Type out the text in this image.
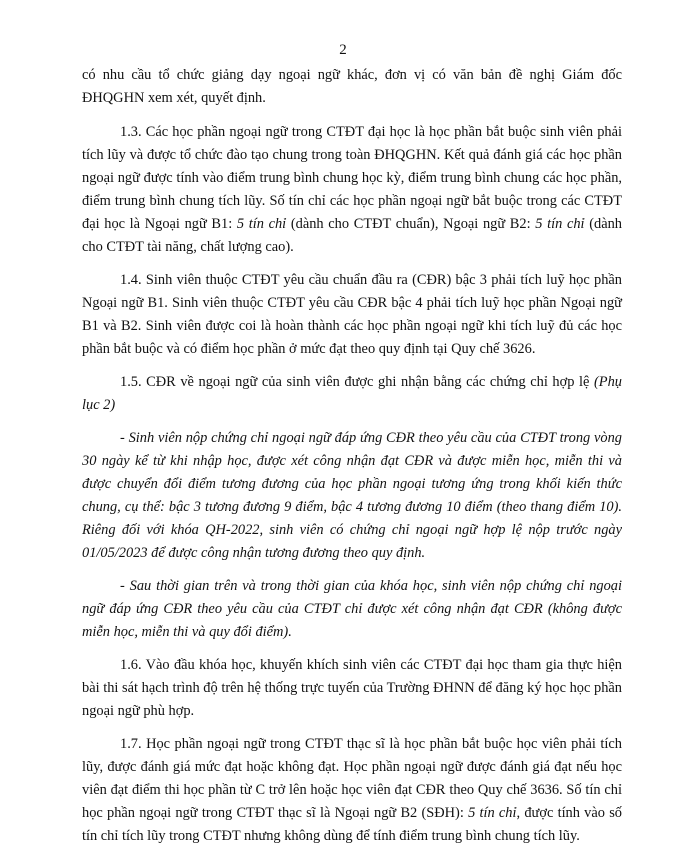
2

có nhu cầu tổ chức giảng dạy ngoại ngữ khác, đơn vị có văn bản đề nghị Giám đốc ĐHQGHN xem xét, quyết định.

1.3. Các học phần ngoại ngữ trong CTĐT đại học là học phần bắt buộc sinh viên phải tích lũy và được tổ chức đào tạo chung trong toàn ĐHQGHN. Kết quả đánh giá các học phần ngoại ngữ được tính vào điểm trung bình chung học kỳ, điểm trung bình chung các học phần, điểm trung bình chung tích lũy. Số tín chỉ các học phần ngoại ngữ bắt buộc trong các CTĐT đại học là Ngoại ngữ B1: 5 tín chỉ (dành cho CTĐT chuẩn), Ngoại ngữ B2: 5 tín chỉ (dành cho CTĐT tài năng, chất lượng cao).

1.4. Sinh viên thuộc CTĐT yêu cầu chuẩn đầu ra (CĐR) bậc 3 phải tích luỹ học phần Ngoại ngữ B1. Sinh viên thuộc CTĐT yêu cầu CĐR bậc 4 phải tích luỹ học phần Ngoại ngữ B1 và B2. Sinh viên được coi là hoàn thành các học phần ngoại ngữ khi tích luỹ đủ các học phần bắt buộc và có điểm học phần ở mức đạt theo quy định tại Quy chế 3626.

1.5. CĐR về ngoại ngữ của sinh viên được ghi nhận bằng các chứng chỉ hợp lệ (Phụ lục 2)

- Sinh viên nộp chứng chỉ ngoại ngữ đáp ứng CĐR theo yêu cầu của CTĐT trong vòng 30 ngày kể từ khi nhập học, được xét công nhận đạt CĐR và được miễn học, miễn thi và được chuyển đổi điểm tương đương của học phần ngoại tương ứng trong khối kiến thức chung, cụ thể: bậc 3 tương đương 9 điểm, bậc 4 tương đương 10 điểm (theo thang điểm 10). Riêng đối với khóa QH-2022, sinh viên có chứng chỉ ngoại ngữ hợp lệ nộp trước ngày 01/05/2023 để được công nhận tương đương theo quy định.

- Sau thời gian trên và trong thời gian của khóa học, sinh viên nộp chứng chỉ ngoại ngữ đáp ứng CĐR theo yêu cầu của CTĐT chỉ được xét công nhận đạt CĐR (không được miễn học, miễn thi và quy đổi điểm).

1.6. Vào đầu khóa học, khuyến khích sinh viên các CTĐT đại học tham gia thực hiện bài thi sát hạch trình độ trên hệ thống trực tuyến của Trường ĐHNN để đăng ký học học phần ngoại ngữ phù hợp.

1.7. Học phần ngoại ngữ trong CTĐT thạc sĩ là học phần bắt buộc học viên phải tích lũy, được đánh giá mức đạt hoặc không đạt. Học phần ngoại ngữ được đánh giá đạt nếu học viên đạt điểm thi học phần từ C trở lên hoặc học viên đạt CĐR theo Quy chế 3636. Số tín chỉ học phần ngoại ngữ trong CTĐT thạc sĩ là Ngoại ngữ B2 (SĐH): 5 tín chỉ, được tính vào số tín chỉ tích lũy trong CTĐT nhưng không dùng để tính điểm trung bình chung tích lũy.
